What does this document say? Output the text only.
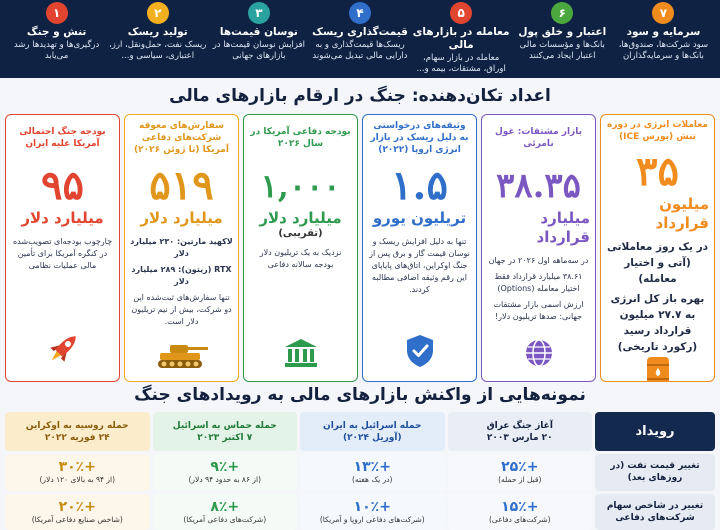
۷
سرمایه و سود
سود شرکت‌ها، صندوق‌ها، بانک‌ها و سرمایه‌گذاران
۶
اعتبار و خلق پول
بانک‌ها و مؤسسات مالی اعتبار ایجاد می‌کنند
۵
معامله در بازارهای مالی
معامله در بازار سهام، اوراق، مشتقات، بیمه و...
۴
قیمت‌گذاری ریسک
ریسک‌ها قیمت‌گذاری و به دارایی مالی تبدیل می‌شوند
۳
نوسان قیمت‌ها
افزایش نوسان قیمت‌ها در بازارهای جهانی
۲
تولید ریسک
ریسک نفت، حمل‌ونقل، ارز، اعتباری، سیاسی و...
۱
تنش و جنگ
درگیری‌ها و تهدیدها رشد می‌یابد
اعداد تکان‌دهنده: جنگ در ارقام بازارهای مالی
معاملات انرژی در دوره تنش (بورس ICE)
۳۵
میلیون قرارداد
در یک روز معاملاتی (آتی و اختیار معامله)
بهره باز کل انرژی به ۲۷.۷ میلیون قرارداد رسید (رکورد تاریخی)
بازار مشتقات: غول نامرئی
۳۸.۳۵
میلیارد قرارداد
در سه‌ماهه اول ۲۰۲۶ در جهان
۳۸.۶۱ میلیارد قرارداد فقط اختیار معامله (Options)
ارزش اسمی بازار مشتقات جهانی: صدها تریلیون دلار!
وثیقه‌های درخواستی به دلیل ریسک در بازار انرژی اروپا (۲۰۲۲)
۱.۵
تریلیون یورو
تنها به دلیل افزایش ریسک و نوسان قیمت گاز و برق پس از جنگ اوکراین، اتاق‌های پایاپای این رقم وثیقه اضافی مطالبه کردند.
بودجه دفاعی آمریکا در سال ۲۰۲۶
۱,۰۰۰
میلیارد دلار
(تقریبی)
نزدیک به یک تریلیون دلار بودجه سالانه دفاعی
سفارش‌های معوقه شرکت‌های دفاعی آمریکا (تا ژوئن ۲۰۲۶)
۵۱۹
میلیارد دلار
لاکهید مارتین: ۲۳۰ میلیارد دلار
RTX (ریتون): ۲۸۹ میلیارد دلار
تنها سفارش‌های ثبت‌شده این دو شرکت، بیش از نیم تریلیون دلار است.
بودجه جنگ احتمالی آمریکا علیه ایران
۹۵
میلیارد دلار
چارچوب بودجه‌ای تصویب‌شده در کنگره آمریکا برای تأمین مالی عملیات نظامی
نمونه‌هایی از واکنش بازارهای مالی به رویدادهای جنگ
رویداد
تغییر قیمت نفت (در روزهای بعد)
تغییر در شاخص سهام شرکت‌های دفاعی
آغاز جنگ عراق
۲۰ مارس ۲۰۰۳
+۲۵٪
(قبل از حمله)
+۱۵٪
(شرکت‌های دفاعی)
حمله اسرائیل به ایران
(آوریل ۲۰۲۴)
+۱۳٪
(در یک هفته)
+۱۰٪
(شرکت‌های دفاعی اروپا و آمریکا)
حمله حماس به اسرائیل
۷ اکتبر ۲۰۲۳
+۹٪
(از ۸۶ به حدود ۹۴ دلار)
+۸٪
(شرکت‌های دفاعی آمریکا)
حمله روسیه به اوکراین
۲۴ فوریه ۲۰۲۲
+۳۰٪
(از ۹۴ به بالای ۱۲۰ دلار)
+۲۰٪
(شاخص صنایع دفاعی آمریکا)
